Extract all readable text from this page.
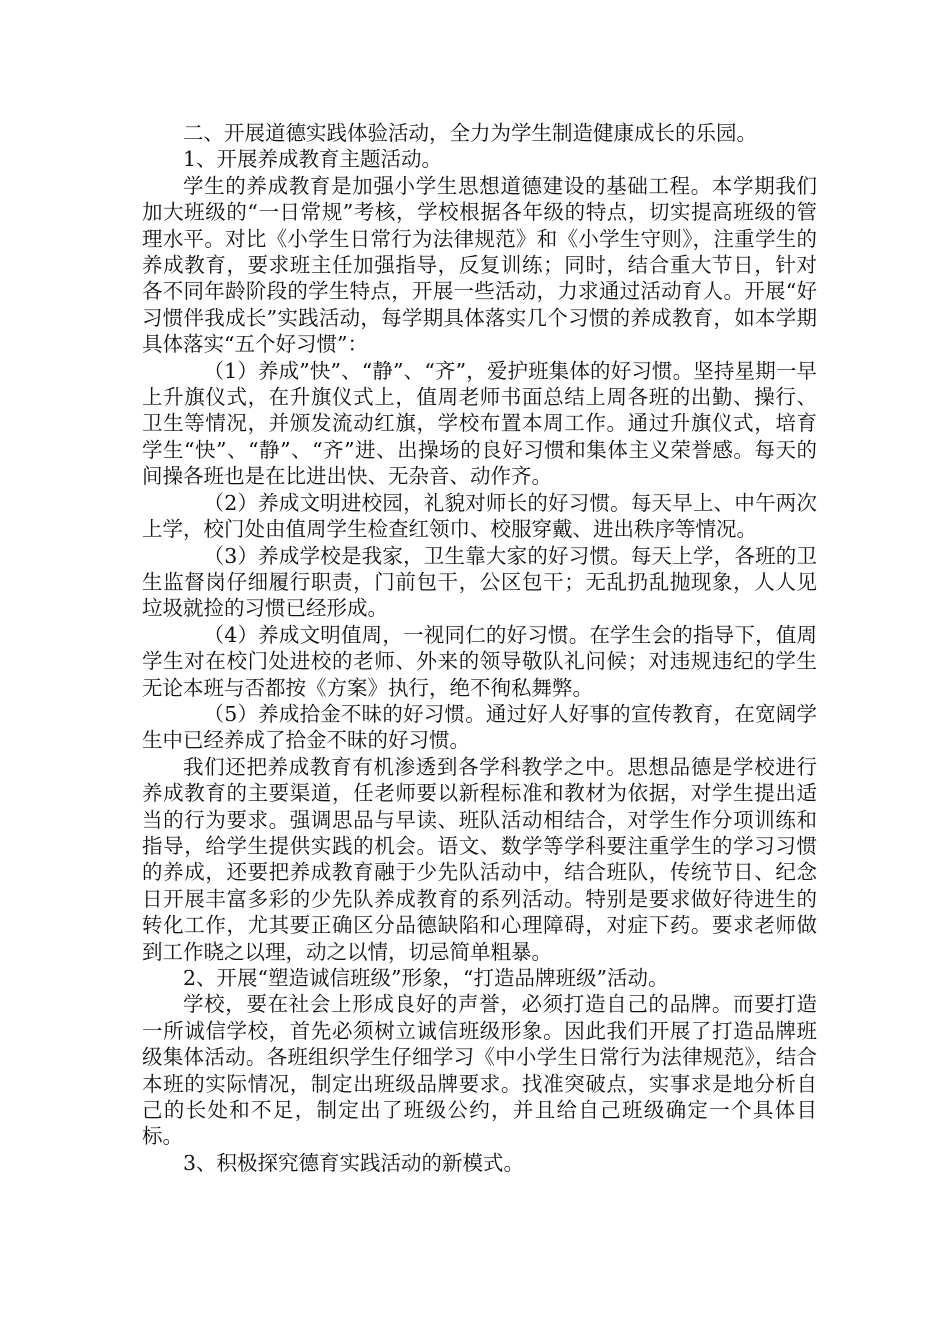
二、开展道德实践体验活动，全力为学生制造健康成长的乐园。

1、开展养成教育主题活动。

学生的养成教育是加强小学生思想道德建设的基础工程。本学期我们加大班级的“一日常规”考核，学校根据各年级的特点，切实提高班级的管理水平。对比《小学生日常行为法律规范》和《小学生守则》，注重学生的养成教育，要求班主任加强指导，反复训练；同时，结合重大节日，针对各不同年龄阶段的学生特点，开展一些活动，力求通过活动育人。开展“好习惯伴我成长”实践活动，每学期具体落实几个习惯的养成教育，如本学期具体落实“五个好习惯”：

（1）养成”快”、“静”、“齐”，爱护班集体的好习惯。坚持星期一早上升旗仪式，在升旗仪式上，值周老师书面总结上周各班的出勤、操行、卫生等情况，并颁发流动红旗，学校布置本周工作。通过升旗仪式，培育学生“快”、“静”、“齐”进、出操场的良好习惯和集体主义荣誉感。每天的间操各班也是在比进出快、无杂音、动作齐。

（2）养成文明进校园，礼貌对师长的好习惯。每天早上、中午两次上学，校门处由值周学生检查红领巾、校服穿戴、进出秩序等情况。

（3）养成学校是我家，卫生靠大家的好习惯。每天上学，各班的卫生监督岗仔细履行职责，门前包干，公区包干；无乱扔乱抛现象，人人见垃圾就捡的习惯已经形成。

（4）养成文明值周，一视同仁的好习惯。在学生会的指导下，值周学生对在校门处进校的老师、外来的领导敬队礼问候；对违规违纪的学生无论本班与否都按《方案》执行，绝不徇私舞弊。

（5）养成拾金不昧的好习惯。通过好人好事的宣传教育，在宽阔学生中已经养成了拾金不昧的好习惯。

我们还把养成教育有机渗透到各学科教学之中。思想品德是学校进行养成教育的主要渠道，任老师要以新程标准和教材为依据，对学生提出适当的行为要求。强调思品与早读、班队活动相结合，对学生作分项训练和指导，给学生提供实践的机会。语文、数学等学科要注重学生的学习习惯的养成，还要把养成教育融于少先队活动中，结合班队，传统节日、纪念日开展丰富多彩的少先队养成教育的系列活动。特别是要求做好待进生的转化工作，尤其要正确区分品德缺陷和心理障碍，对症下药。要求老师做到工作晓之以理，动之以情，切忌简单粗暴。

2、开展“塑造诚信班级”形象，“打造品牌班级”活动。

学校，要在社会上形成良好的声誉，必须打造自己的品牌。而要打造一所诚信学校，首先必须树立诚信班级形象。因此我们开展了打造品牌班级集体活动。各班组织学生仔细学习《中小学生日常行为法律规范》，结合本班的实际情况，制定出班级品牌要求。找准突破点，实事求是地分析自己的长处和不足，制定出了班级公约，并且给自己班级确定一个具体目标。

3、积极探究德育实践活动的新模式。
